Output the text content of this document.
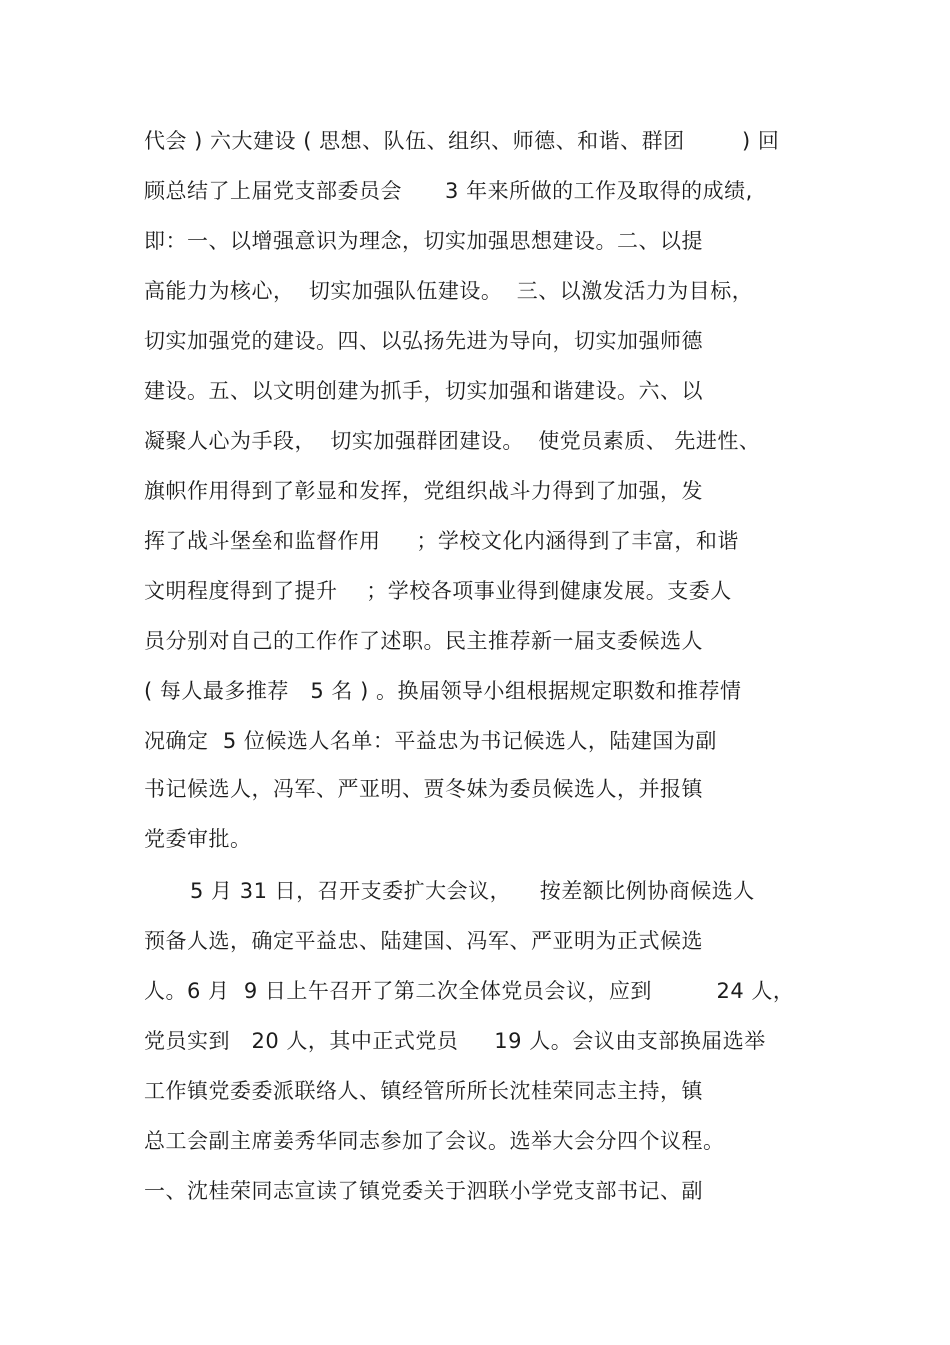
代会 ) 六大建设 ( 思想、队伍、组织、师德、和谐、群团        ) 回
顾总结了上届党支部委员会      3 年来所做的工作及取得的成绩,
即：一、以增强意识为理念，切实加强思想建设。二、以提
高能力为核心，  切实加强队伍建设。  三、以激发活力为目标，
切实加强党的建设。四、以弘扬先进为导向，切实加强师德
建设。五、以文明创建为抓手，切实加强和谐建设。六、以
凝聚人心为手段，  切实加强群团建设。  使党员素质、 先进性、
旗帜作用得到了彰显和发挥，党组织战斗力得到了加强，发
挥了战斗堡垒和监督作用     ；学校文化内涵得到了丰富，和谐
文明程度得到了提升    ；学校各项事业得到健康发展。支委人
员分别对自己的工作作了述职。民主推荐新一届支委候选人
( 每人最多推荐   5 名 ) 。换届领导小组根据规定职数和推荐情
况确定  5 位候选人名单：平益忠为书记候选人，陆建国为副
书记候选人，冯军、严亚明、贾冬妹为委员候选人，并报镇
党委审批。
5 月 31 日，召开支委扩大会议，    按差额比例协商候选人
预备人选，确定平益忠、陆建国、冯军、严亚明为正式候选
人。6 月  9 日上午召开了第二次全体党员会议，应到         24 人，
党员实到   20 人，其中正式党员     19 人。会议由支部换届选举
工作镇党委委派联络人、镇经管所所长沈桂荣同志主持，镇
总工会副主席姜秀华同志参加了会议。选举大会分四个议程。
一、沈桂荣同志宣读了镇党委关于泗联小学党支部书记、副
